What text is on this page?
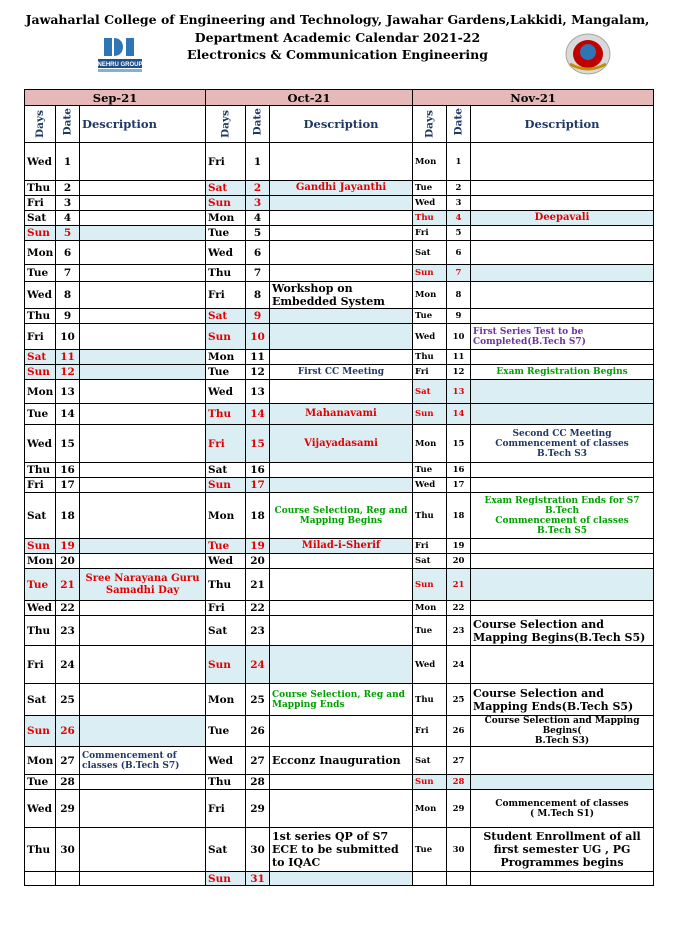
Jawaharlal College of Engineering and Technology, Jawahar Gardens,Lakkidi, Mangalam,
Department Academic Calendar 2021-22
Electronics & Communication Engineering
NEHRU GROUP
Sep-21			Oct-21			Nov-21		

Days	Date	Description	Days	Date	Description	Days	Date	Description
Wed	1		Fri	1		Mon	1	
Thu	2		Sat	2	Gandhi Jayanthi	Tue	2	
Fri	3		Sun	3		Wed	3	
Sat	4		Mon	4		Thu	4	Deepavali
Sun	5		Tue	5		Fri	5	
Mon	6		Wed	6		Sat	6	
Tue	7		Thu	7		Sun	7	
Wed	8		Fri	8	Workshop on Embedded System	Mon	8	
Thu	9		Sat	9		Tue	9	
Fri	10		Sun	10		Wed	10	First Series Test to be Completed(B.Tech S7)
Sat	11		Mon	11		Thu	11	
Sun	12		Tue	12	First CC Meeting	Fri	12	Exam Registration Begins
Mon	13		Wed	13		Sat	13	
Tue	14		Thu	14	Mahanavami	Sun	14	
Wed	15		Fri	15	Vijayadasami	Mon	15	Second CC Meeting
Commencement of classes
B.Tech S3
Thu	16		Sat	16		Tue	16	
Fri	17		Sun	17		Wed	17	
Sat	18		Mon	18	Course Selection, Reg and Mapping Begins	Thu	18	Exam Registration Ends for S7 B.Tech
Commencement of classes
B.Tech S5
Sun	19		Tue	19	Milad-i-Sherif	Fri	19	
Mon	20		Wed	20		Sat	20	
Tue	21	Sree Narayana Guru Samadhi Day	Thu	21		Sun	21	
Wed	22		Fri	22		Mon	22	
Thu	23		Sat	23		Tue	23	Course Selection and Mapping Begins(B.Tech S5)
Fri	24		Sun	24		Wed	24	
Sat	25		Mon	25	Course Selection, Reg and Mapping Ends	Thu	25	Course Selection and Mapping Ends(B.Tech S5)
Sun	26		Tue	26		Fri	26	Course Selection and Mapping Begins(
B.Tech S3)
Mon	27	Commencement of classes (B.Tech S7)	Wed	27	Ecconz Inauguration	Sat	27	
Tue	28		Thu	28		Sun	28	
Wed	29		Fri	29		Mon	29	Commencement of classes
( M.Tech S1)
Thu	30		Sat	30	1st series QP of S7 ECE to be submitted to IQAC	Tue	30	Student Enrollment of all first semester UG , PG Programmes begins
			Sun	31				
